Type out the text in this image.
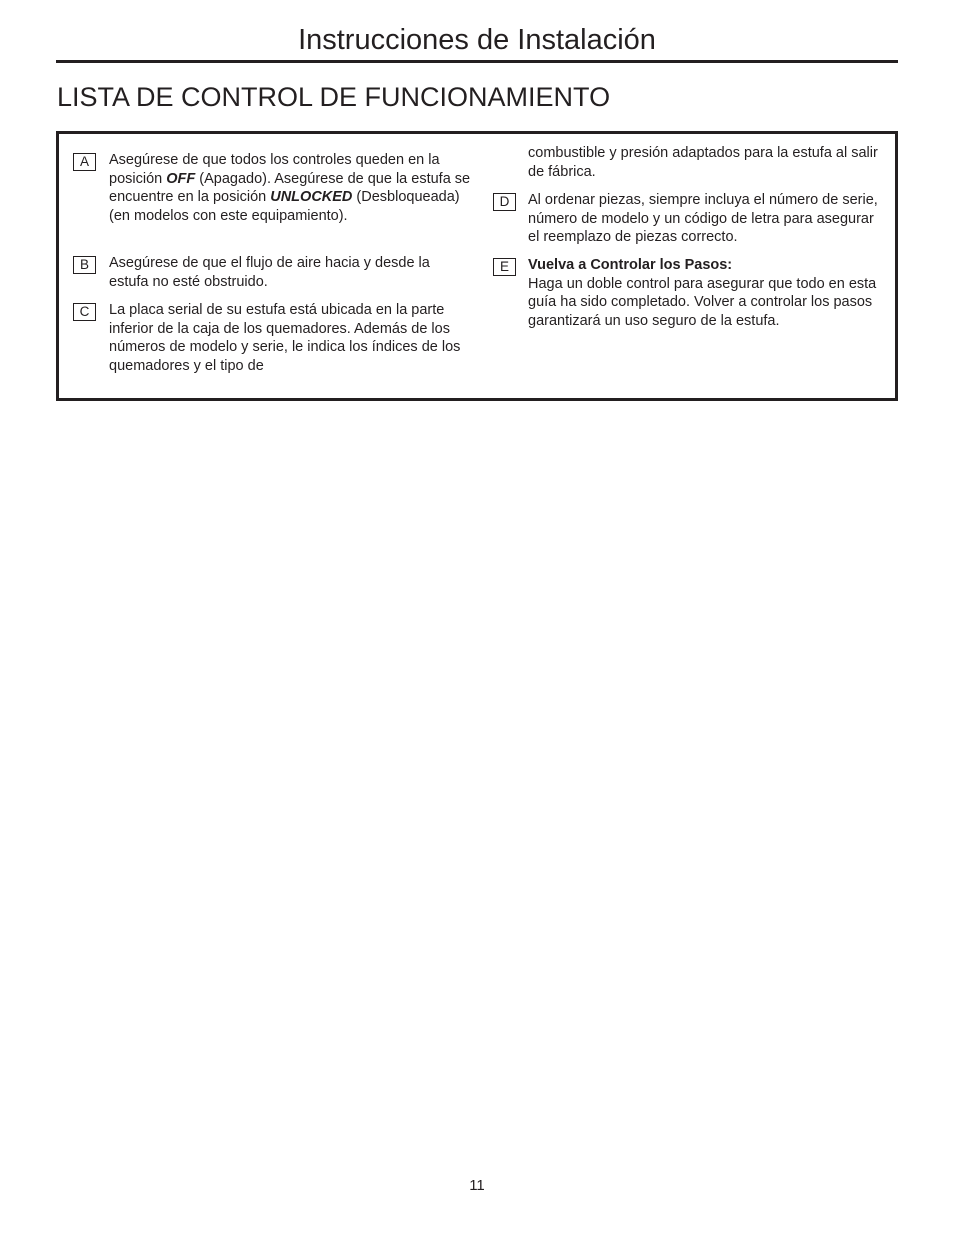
Instrucciones de Instalación
LISTA DE CONTROL DE FUNCIONAMIENTO
A	Asegúrese de que todos los controles queden en la posición OFF (Apagado). Asegúrese de que la estufa se encuentre en la posición UNLOCKED (Desbloqueada) (en modelos con este equipamiento).
B	Asegúrese de que el flujo de aire hacia y desde la estufa no esté obstruido.
C	La placa serial de su estufa está ubicada en la parte inferior de la caja de los quemadores. Además de los números de modelo y serie, le indica los índices de los quemadores y el tipo de
combustible y presión adaptados para la estufa al salir de fábrica.
D	Al ordenar piezas, siempre incluya el número de serie, número de modelo y un código de letra para asegurar el reemplazo de piezas correcto.
E	Vuelva a Controlar los Pasos:
Haga un doble control para asegurar que todo en esta guía ha sido completado. Volver a controlar los pasos garantizará un uso seguro de la estufa.
11
